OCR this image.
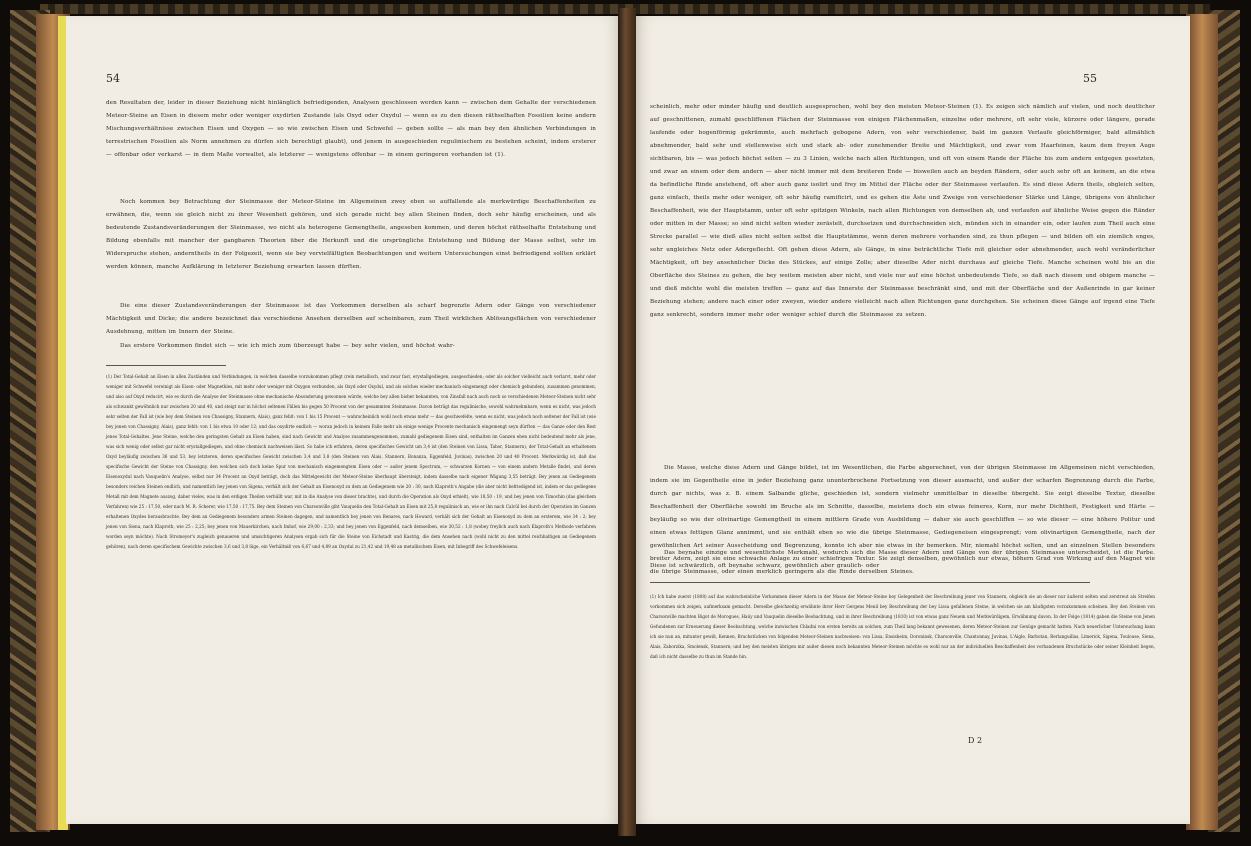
54
den Resultaten der, leider in dieser Beziehung nicht hinlänglich befriedigenden, Analysen geschlossen werden kann — zwischen dem Gehalte der verschiedenen Meteor-Steine an Eisen in diesem mehr oder weniger oxydirten Zustande (als Oxyd oder Oxydul — wenn es zu den diesen räthselhaften Fossilien keine andern Mischungsverhältnisse zwischen Eisen und Oxygen — so wie zwischen Eisen und Schwefel — geben sollte — als man bey den ähnlichen Verbindungen in terrestrischen Fossilien als Norm annehmen zu dürfen sich berechtigt glaubt), und jenem in ausgeschieden regulinischem zu bestehen scheint, indem ersterer — offenbar oder verkarst — in dem Maße vorwaltet, als letzterer — wenigstens offenbar — in einem geringeren vorhanden ist (1).
Noch kommen bey Betrachtung der Steinmasse der Meteor-Steine im Allgemeinen zwey eben so auffallende als merkwürdige Beschaffenheiten zu erwähnen, die, wenn sie gleich nicht zu ihrer Wesenheit gehören, und sich gerade nicht bey allen Steinen finden, doch sehr häufig erscheinen, und als bedeutende Zustandsveränderungen der Steinmasse, wo nicht als heterogene Gemengtheile, angesehen kommen, und deren höchst räthselhafte Entstehung und Bildung ebenfalls mit mancher der gangbaren Theorien über die Herkunft und die ursprüngliche Entstehung und Bildung der Masse selbst, sehr im Widerspruche stehen, anderntheils in der Folgezeit, wenn sie bey vervielfältigten Beobachtungen und weitern Untersuchungen einst befriedigend sollten erklärt werden können, manche Aufklärung in letzterer Beziehung erwarten lassen dürften.
Die eine dieser Zustandsveränderungen der Steinmasse ist das Vorkommen derselben als scharf begrenzte Adern oder Gänge von verschiedener Mächtigkeit und Dicke; die andere bezeichnet das verschiedene Ansehen derselben auf scheinbaren, zum Theil wirklichen Ablösungsflächen von verschiedener Ausdehnung, mitten im Innern der Steine.
Das erstere Vorkommen findet sich — wie ich mich zum überzeugt habe — bey sehr vielen, und höchst wahr-
(1) Der Total-Gehalt an Eisen in allen Zuständen und Verbindungen, in welchen dasselbe vorzukommen pflegt (rein metallisch, und zwar fast, erystallgediegen, ausgeschieden; oder als solcher vielleicht auch verlarvt, mehr oder weniger mit Schwefel vereinigt als Eisen- oder Magnetkies, mit mehr oder weniger mit Oxygen verbunden, als Oxyd oder Oxydul, und als solches wieder mechanisch eingemengt oder chemisch gebunden), zusammen genommen, und also auf Oxyd reducirt, wie es durch die Analyse der Steinmasse ohne mechanische Absonderung gewonnen würde, welche bey allen bisher bekannten, von Zinsfall nach auch noch so verschiedenen Meteor-Steinen nicht sehr als schwankt gewöhnlich nur zwischen 20 und 40, und steigt nur in höchst seltenen Fällen bis gegen 50 Procent von der gesammten Steinmasse. Davon beträgt das regulinische, sowohl wahrnehmbare, wenn es nicht, was jedoch sehr selten der Fall ist (wie bey dem Steinen von Chassigny, Stannern, Alais), ganz fehlt: von 1 bis 15 Procent — wahrscheinlich wohl noch etwas mehr — das geschwefelte, wenn es nicht, was jedoch noch seltener der Fall ist (wie bey jenen von Chassigny, Alais), ganz fehlt: von 1 bis etwa 10 oder 12; und das oxydirte endlich — woran jedoch in keinem Falle mehr als einige wenige Procente mechanisch eingemengt seyn dürften — das Ganze oder den Rest jenes Total-Gehaltes. Jene Steine, welche den geringsten Gehalt an Eisen haben, sind nach Gewicht und Analyse zusammengenommen, zumahl gediegenem Eisen sind, enthalten im Ganzen eben nicht bedeutend mehr als jene, was sich wenig oder selbst gar nicht erystallgediegen, und ohne chemisch nachweisen lässt. So habe ich erfahren, deren specifisches Gewicht um 3,4 ist (den Steinen von Lissa, Tabor, Stannern), der Total-Gehalt an erhaltenem Oxyd beyläufig zwischen 36 und 53, bey letzteren, deren specifisches Gewicht zwischen 3,4 und 3,8 (den Steinen von Alais, Stannern, Bonanza, Eggenfeld, Juvinas), zwischen 20 und 40 Procent. Merkwürdig ist, daß das specifische Gewicht der Steine von Chassigny, den welchen sich doch keine Spur von mechanisch eingemengtem Eisen oder — außer jenem Spectrum, — schwarzen Kornen — von einem andern Metalle findet, und deren Eisenoxydul nach Vauquelin's Analyse, selbst nur 34 Procent an Oxyd beträgt, doch das Mittelgewicht der Meteor-Steine überhaupt übersteigt, indem dasselbe nach eigener Wägung 3,55 beträgt. Bey jenen an Gediegenem besonders reichen Steinen endlich, und namentlich bey jenen von Sigena, verhält sich der Gehalt an Eisenoxyd zu dem an Gediegenem wie 20 : 30, nach Klaproth's Angabe (die aber nicht befriedigend ist, indem er das gediegene Metall mit dem Magnete auszog, daher vieles, was in den erdigen Theilen verhüllt war, mit in die Analyse von dieser brachte), und durch die Operation als Oxyd erhielt), wie 18,50 : 19, und bey jenen von Timochin (das gleichem Verfahren) wie 25 : 17,50, oder nach M. R. Scherer, wie 17,50 : 17,75. Bey dem Steinen von Charsonville gibt Vauquelin den Total-Gehalt an Eisen mit 25,8 regulinisch an, wie er ihn nach Calcül bei durch der Operation im Ganzen erhaltenen Oxydes herausbrachte. Bey dem an Gediegenem besonders armen Steinen dagegen, und namentlich bey jenen von Benares, nach Howard, verhält sich der Gehalt an Eisenoxyd zu dem an ersterem, wie 34 : 2; bey jenen von Siena, nach Klaproth, wie 25 : 2,25; bey jenen von Mauerkirchen, nach Imhof, wie 29,00 : 2,33; und bey jenen von Eggenfeld, nach demselben, wie 30,52 : 1,8 (wobey freylich auch nach Klaproth's Methode verfahren worden seyn möchte). Nach Stromeyer's zugleich genaueren und umsichtigeren Analysen ergab sich für die Steine von Eichstadt und Kastrig, die dem Ansehen nach (wohl nicht zu den mittel reichhaltigen an Gediegenem gehören), nach deren specifischem Gewichte zwischen 3,6 und 3,8 lüge, ein Verhältniß von 6,67 und 4,89 an Oxydul zu 21,42 und 19,48 an metallischem Eisen, mit Inbegriff des Schwefeleisens.
55
scheinlich, mehr oder minder häufig und deutlich ausgesprochen, wohl bey den meisten Meteor-Steinen (1). Es zeigen sich nämlich auf vielen, und noch deutlicher auf geschnittenen, zumahl geschliffenen Flächen der Steinmasse von einigen Flächenmaßen, einzelne oder mehrere, oft sehr viele, kürzere oder längere, gerade laufende oder bogenförmig gekrümmte, auch mehrfach gebogene Adern, von sehr verschiedener, bald im ganzen Verlaufe gleichförmiger, bald allmählich abnehmender, bald sehr und stellenweise sich und stark ab- oder zunehmender Breite und Mächtigkeit, und zwar vom Haarfeinen, kaum dem freyen Auge sichtbaren, bis — was jedoch höchst selten — zu 3 Linien, welche nach allen Richtungen, und oft von einem Rande der Fläche bis zum andern entgegen gesetzten, und zwar an einem oder dem andern — aber nicht immer mit dem breiteren Ende — bisweilen auch an beyden Rändern, oder auch sehr oft an keinem, an die etwa da befindliche Rinde anstehend, oft aber auch ganz isolirt und frey im Mittel der Fläche oder der Steinmasse verlaufen. Es sind diese Adern theils, obgleich selten, ganz einfach, theils mehr oder weniger, oft sehr häufig ramificirt, und es gehen die Äste und Zweige von verschiedener Stärke und Länge, übrigens von ähnlicher Beschaffenheit, wie der Hauptstamm, unter oft sehr spitzigen Winkeln, nach allen Richtungen von demselben ab, und verlaufen auf ähnliche Weise gegen die Ränder oder mitten in der Masse; so sind nicht selten wieder zerästelt, durchsetzen und durchschneiden sich, münden sich in einander ein, oder laufen zum Theil auch eine Strecke parallel — wie dieß alles nicht selten selbst die Hauptstämme, wenn deren mehrere vorhanden sind, zu thun pflegen — und bilden oft ein ziemlich enges, sehr ungleiches Netz oder Adergeflecht. Oft gehen diese Adern, als Gänge, in eine beträchtliche Tiefe mit gleicher oder abnehmender, auch wohl veränderlicher Mächtigkeit, oft bey ansehnlicher Dicke des Stückes, auf einige Zolle; aber dieselbe Ader nicht durchaus auf gleiche Tiefe. Manche scheinen wohl bis an die Oberfläche des Steines zu gehen, die bey weitem meisten aber nicht, und viele nur auf eine höchst unbedeutende Tiefe, so daß nach diesem und obigem manche — und dieß möchte wohl die meisten treffen — ganz auf das Innerste der Steinmasse beschränkt sind, und mit der Oberfläche und der Außenrinde in gar keiner Beziehung stehen; andere nach einer oder zweyen, wieder andere vielleicht nach allen Richtungen ganz durchgehen. Sie scheinen diese Gänge auf irgend eine Tiefe ganz senkrecht, sondern immer mehr oder weniger schief durch die Steinmasse zu setzen.
Die Masse, welche diese Adern und Gänge bildet, ist im Wesentlichen, die Farbe abgerechnet, von der übrigen Steinmasse im Allgemeinen nicht verschieden, indem sie im Gegentheile eine in jeder Beziehung ganz ununterbrochene Fortsetzung von dieser ausmacht, und außer der scharfen Begrenzung durch die Farbe, durch gar nichts, was z. B. einem Salbande gliche, geschieden ist, sondern vielmehr unmittelbar in dieselbe übergeht. Sie zeigt dieselbe Textur, dieselbe Beschaffenheit der Oberfläche sowohl im Bruche als im Schnitte, dasselbe, meistens doch ein etwas feineres, Korn, nur mehr Dichtheit, Festigkeit und Härte — beyläufig so wie der olivinartige Gemengtheil in einem mittlern Grade von Ausbildung — daher sie auch geschliffen — so wie dieser — eine höhere Politur und einen etwas fettigen Glanz annimmt, und sie enthält eben so wie die übrige Steinmasse, Gediegeneisen eingesprengt; vom olivinartigen Gemengtheile, nach der gewöhnlichen Art seiner Ausscheidung und Begrenzung, konnte ich aber nie etwas in ihr bemerken. Mir, niemahl höchst selten, und an einzelnen Stellen besonders breiter Adern, zeigt sie eine schwache Anlage zu einer schiefrigen Textur. Sie zeigt denselben, gewöhnlich nur etwas, höhern Grad von Wirkung auf den Magnet wie die übrige Steinmasse, oder einen merklich geringern als die Rinde derselben Steines.
Das beynahe einzige und wesentlichste Merkmahl, wodurch sich die Masse dieser Adern und Gänge von der übrigen Steinmasse unterscheidet, ist die Farbe. Diese ist schwärzlich, oft beynahe schwarz, gewöhnlich aber graulich- oder
(1) Ich habe zuerst (1808) auf das wahrscheinliche Vorkommen dieser Adern in der Masse der Meteor-Steine bey Gelegenheit der Beschreibung jener von Stannern, obgleich sie an dieser nur äußerst selten und zerstreut als Streifen vorkommen sich zeigen, aufmerksam gemacht. Derselbe gleichzeitig erwähnte ihrer Herr Gergens Menil bey Beschreibung der bey Lissa gefallenen Steine, in welchen sie am häufigsten vorzukommen scheinen. Bey den Steinen von Charsonville machten Bigot de Morogues, Haüy und Vauquelin dieselbe Beobachtung, und in ihrer Beschreibung (1810) ist von etwas ganz Neuem und Merkwürdigem, Erwähnung davon. In der Folge (1814) gaben die Steine von Jenen Gefundenen zur Erneuerung dieser Beobachtung, welche inzwischen Chladni von ersten bereits an solchen, zum Theil lang bekannt gewesenen, deren Meteor-Steinen zur Genüge gemacht hatten. Nach neuerlicher Untersuchung kann ich sie nun an, mitunter gewiß, Kennen, Bruchstücken von folgenden Meteor-Steinen nachweisen: von Lissa, Ensisheim, Doroninsk, Charsonville, Chantonnay, Juvinas, L'Aigle, Barbotan, Berlanguillas, Limerick, Sigena, Toulouse, Siena, Alais, Zaborzika, Smolensk, Stannern; und bey den meisten übrigen mir außer diesen noch bekannten Meteor-Steinen möchte es wohl nur an der individuellen Beschaffenheit des vorhandenen Bruchstücke oder seiner Kleinheit liegen, daß ich nicht dasselbe zu thun im Stande bin.
D 2
